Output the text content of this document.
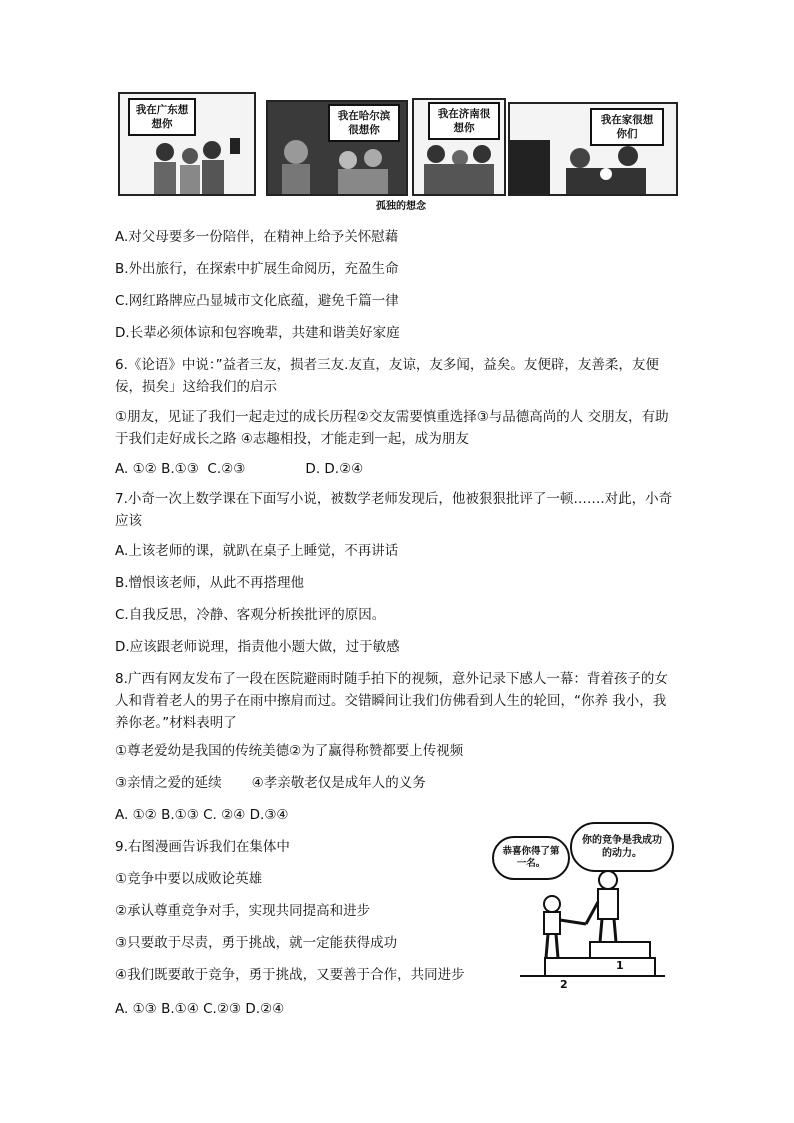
我在广东想想你
我在哈尔滨很想你
我在济南很想你
我在家很想你们
孤独的想念

A.对父母要多一份陪伴，在精神上给予关怀慰藉

B.外出旅行，在探索中扩展生命阅历，充盈生命

C.网红路牌应凸显城市文化底蕴，避免千篇一律

D.长辈必须体谅和包容晚辈，共建和谐美好家庭

6.《论语》中说：”益者三友，损者三友.友直，友谅，友多闻，益矣。友便辟，友善柔，友便佞，损矣」这给我们的启示

①朋友，见证了我们一起走过的成长历程②交友需要慎重选择③与品德高尚的人 交朋友，有助于我们走好成长之路 ④志趣相投，才能走到一起，成为朋友

A. ①② B.①③  C.②③              D. D.②④

7.小奇一次上数学课在下面写小说，被数学老师发现后，他被狠狠批评了一顿…….对此，小奇应该

A.上该老师的课，就趴在桌子上睡觉，不再讲话

B.憎恨该老师，从此不再搭理他

C.自我反思，冷静、客观分析挨批评的原因。

D.应该跟老师说理，指责他小题大做，过于敏感

8.广西有网友发布了一段在医院避雨时随手拍下的视频，意外记录下感人一幕：背着孩子的女人和背着老人的男子在雨中擦肩而过。交错瞬间让我们仿佛看到人生的轮回，“你养 我小，我养你老。”材料表明了

①尊老爱幼是我国的传统美德②为了赢得称赞都要上传视频

③亲情之爱的延续       ④孝亲敬老仅是成年人的义务

A. ①② B.①③ C. ②④ D.③④

9.右图漫画告诉我们在集体中

①竞争中要以成败论英雄

②承认尊重竞争对手，实现共同提高和进步

③只要敢于尽责，勇于挑战，就一定能获得成功

④我们既要敢于竞争，勇于挑战，又要善于合作，共同进步

A. ①③ B.①④ C.②③ D.②④

恭喜你得了第一名。
你的竞争是我成功的动力。
1
2
